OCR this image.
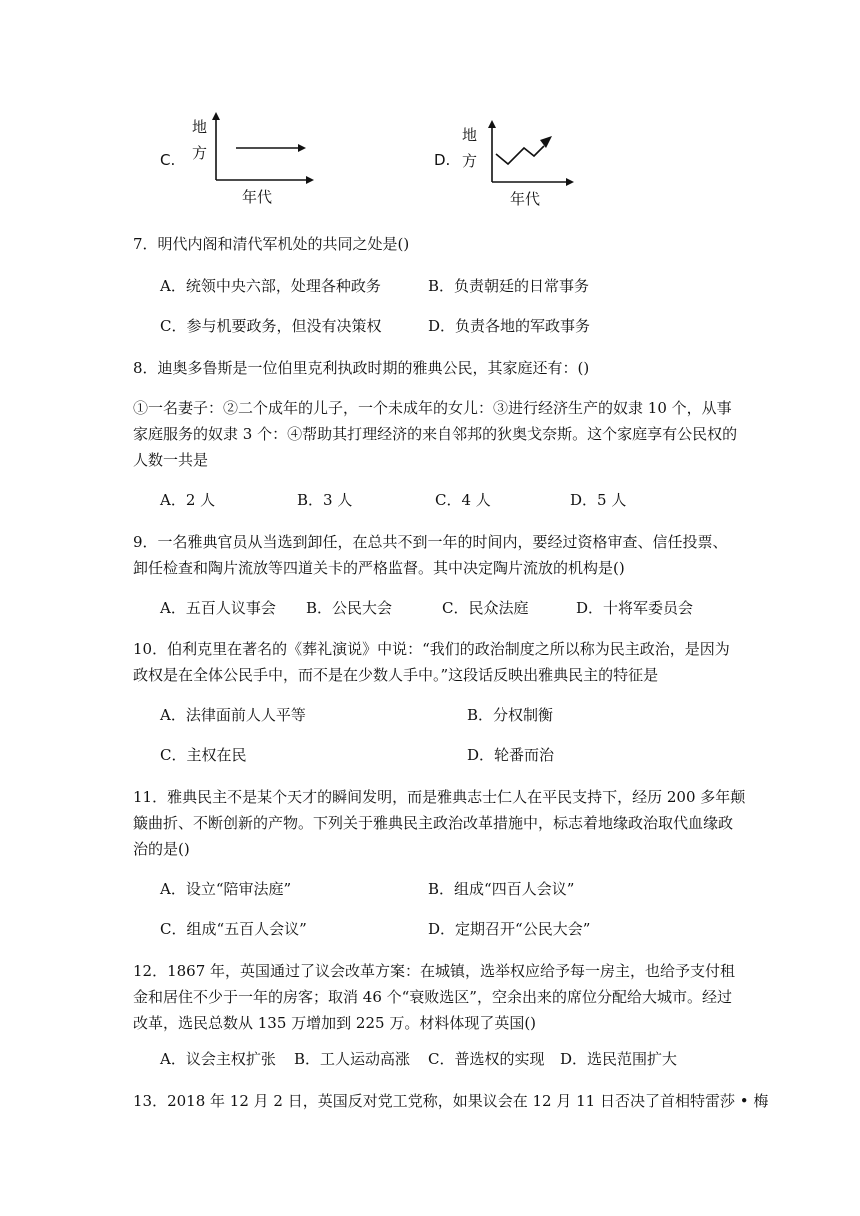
C.
地
方
年代
D.
地
方
年代
7．明代内阁和清代军机处的共同之处是()
A．统领中央六部，处理各种政务	B．负责朝廷的日常事务
C．参与机要政务，但没有决策权	D．负责各地的军政事务
8．迪奥多鲁斯是一位伯里克利执政时期的雅典公民，其家庭还有：()
①一名妻子：②二个成年的儿子，一个未成年的女儿：③进行经济生产的奴隶 10 个，从事
家庭服务的奴隶 3 个：④帮助其打理经济的来自邻邦的狄奥戈奈斯。这个家庭享有公民权的
人数一共是
A．2 人	B．3 人	C．4 人	D．5 人
9．一名雅典官员从当选到卸任，在总共不到一年的时间内，要经过资格审查、信任投票、
卸任检查和陶片流放等四道关卡的严格监督。其中决定陶片流放的机构是()
A．五百人议事会 B．公民大会	C．民众法庭	D．十将军委员会
10．伯利克里在著名的《葬礼演说》中说：“我们的政治制度之所以称为民主政治，是因为
政权是在全体公民手中，而不是在少数人手中。”这段话反映出雅典民主的特征是
A．法律面前人人平等	B．分权制衡
C．主权在民	D．轮番而治
11．雅典民主不是某个天才的瞬间发明，而是雅典志士仁人在平民支持下，经历 200 多年颠
簸曲折、不断创新的产物。下列关于雅典民主政治改革措施中，标志着地缘政治取代血缘政
治的是()
A．设立“陪审法庭”	B．组成“四百人会议”
C．组成“五百人会议”	D．定期召开“公民大会”
12．1867 年，英国通过了议会改革方案：在城镇，选举权应给予每一房主，也给予支付租
金和居住不少于一年的房客；取消 46 个“衰败选区”，空余出来的席位分配给大城市。经过
改革，选民总数从 135 万增加到 225 万。材料体现了英国()
A．议会主权扩张 B．工人运动高涨 C．普选权的实现 D．选民范围扩大
13．2018 年 12 月 2 日，英国反对党工党称，如果议会在 12 月 11 日否决了首相特雷莎 • 梅
